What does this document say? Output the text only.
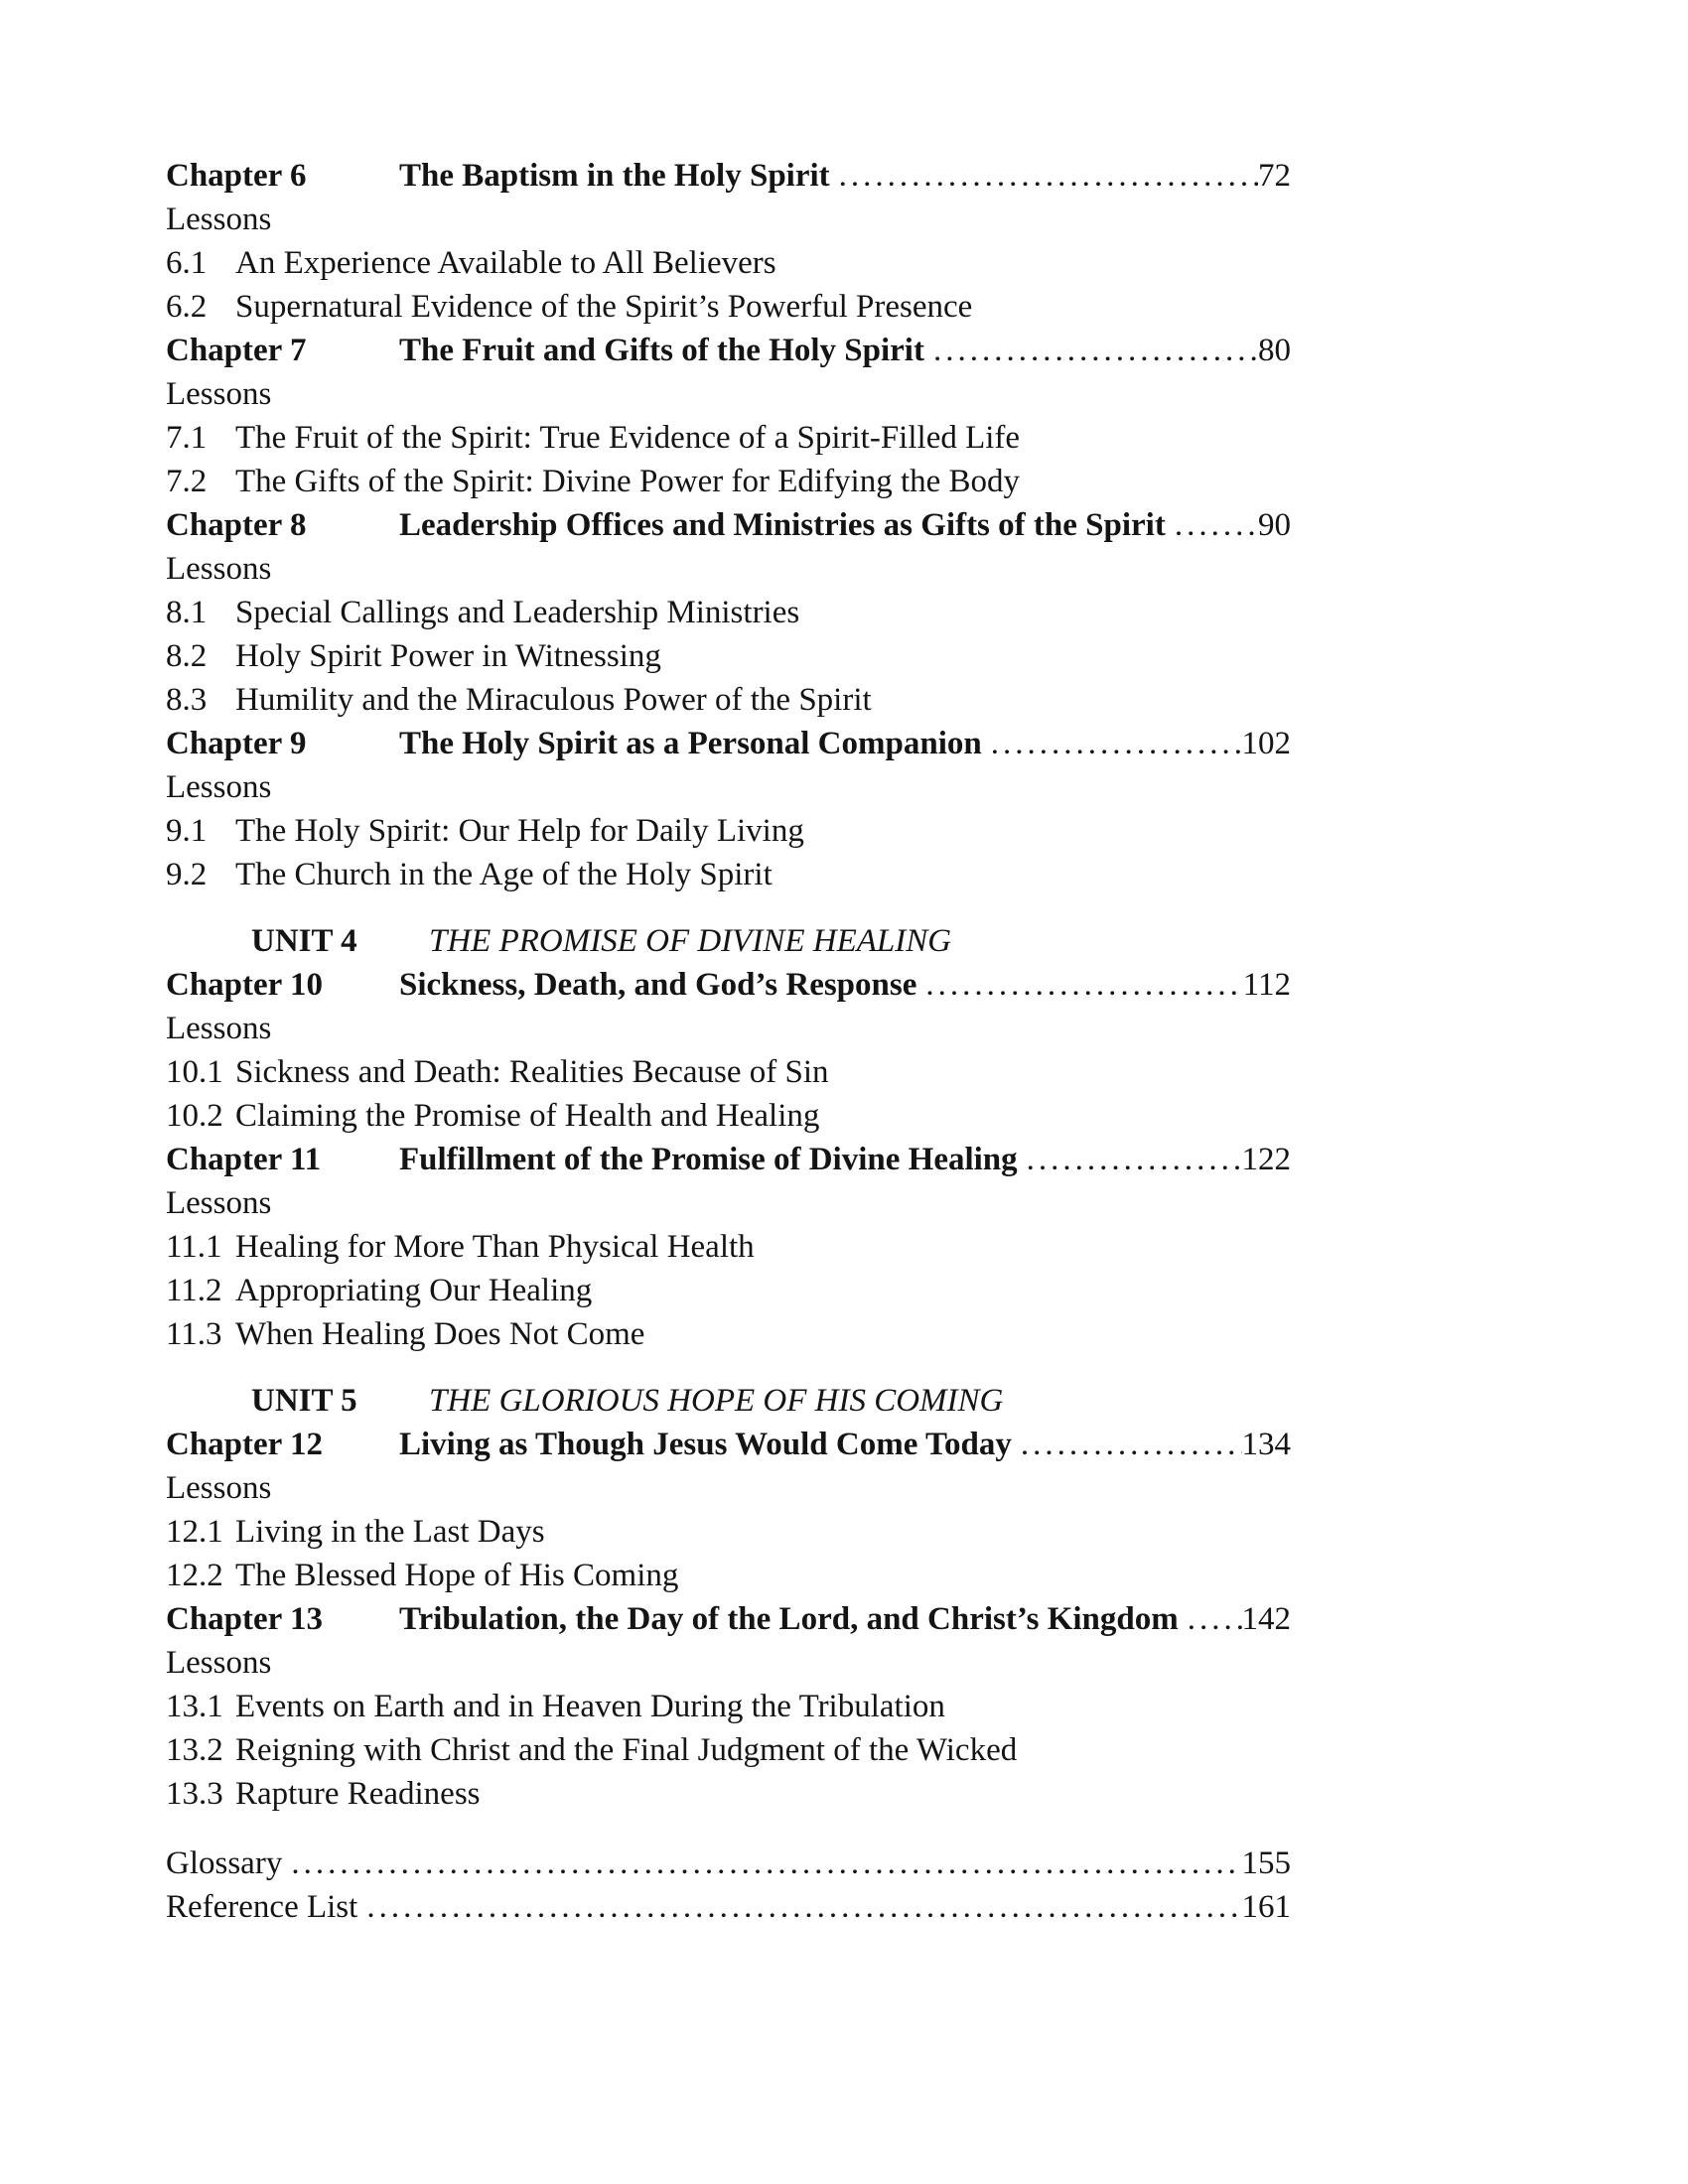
Chapter 6	The Baptism in the Holy Spirit .....	72
Lessons
6.1 An Experience Available to All Believers
6.2 Supernatural Evidence of the Spirit’s Powerful Presence
Chapter 7	The Fruit and Gifts of the Holy Spirit .....	80
Lessons
7.1 The Fruit of the Spirit: True Evidence of a Spirit-Filled Life
7.2 The Gifts of the Spirit: Divine Power for Edifying the Body
Chapter 8	Leadership Offices and Ministries as Gifts of the Spirit .....	90
Lessons
8.1 Special Callings and Leadership Ministries
8.2 Holy Spirit Power in Witnessing
8.3 Humility and the Miraculous Power of the Spirit
Chapter 9	The Holy Spirit as a Personal Companion .....	102
Lessons
9.1 The Holy Spirit: Our Help for Daily Living
9.2 The Church in the Age of the Holy Spirit
UNIT 4	THE PROMISE OF DIVINE HEALING
Chapter 10	Sickness, Death, and God’s Response .....	112
Lessons
10.1 Sickness and Death: Realities Because of Sin
10.2 Claiming the Promise of Health and Healing
Chapter 11	Fulfillment of the Promise of Divine Healing .....	122
Lessons
11.1 Healing for More Than Physical Health
11.2 Appropriating Our Healing
11.3 When Healing Does Not Come
UNIT 5	THE GLORIOUS HOPE OF HIS COMING
Chapter 12	Living as Though Jesus Would Come Today .....	134
Lessons
12.1 Living in the Last Days
12.2 The Blessed Hope of His Coming
Chapter 13	Tribulation, the Day of the Lord, and Christ’s Kingdom ..... 142
Lessons
13.1 Events on Earth and in Heaven During the Tribulation
13.2 Reigning with Christ and the Final Judgment of the Wicked
13.3 Rapture Readiness
Glossary .....	155
Reference List .....	161
